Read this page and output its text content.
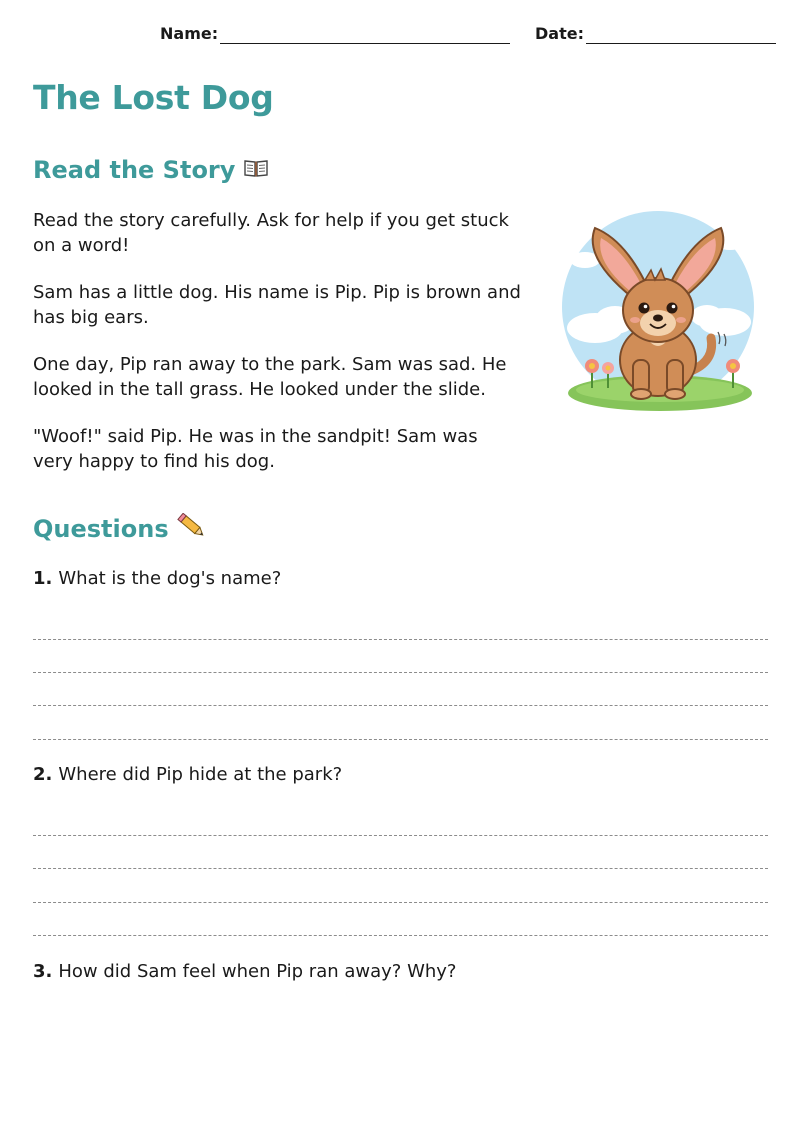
Name:	Date:
The Lost Dog
Read the Story

Read the story carefully. Ask for help if you get stuck on a word!

Sam has a little dog. His name is Pip. Pip is brown and has big ears.

One day, Pip ran away to the park. Sam was sad. He looked in the tall grass. He looked under the slide.

"Woof!" said Pip. He was in the sandpit! Sam was very happy to find his dog.

Questions
1. What is the dog's name?
2. Where did Pip hide at the park?
3. How did Sam feel when Pip ran away? Why?
